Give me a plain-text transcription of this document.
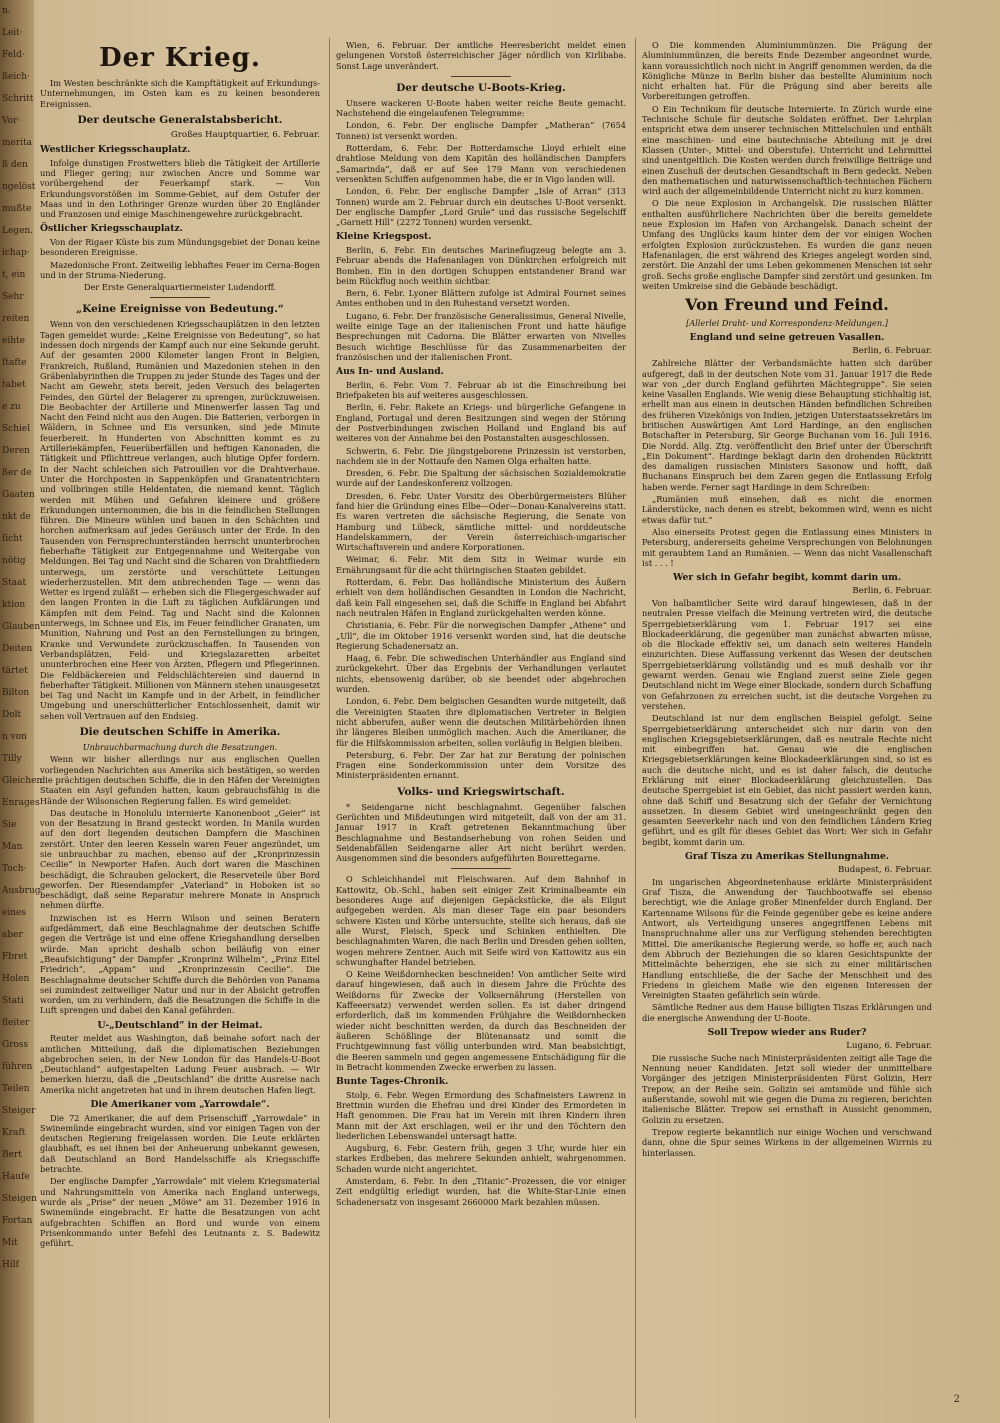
n.
Leit·
Feld·
ßeich·
Schritt
Vor·
merita
ß den
ngelöst
mußte
Legen.
ichap·
t, ein
Sehr
reiten
eihte
ſtafte
tabet
e zu
Schiel
Deren
ßer de
Gaaten
nkt de
ſicht
nötig
Staat
ktion
Glauben
Deiten
tärtet
Bilton
Dolt
n von
Tilly
Gleichen
Enrages
Sie
Man
Toch·
Ausbrug
eines
aber
Fbret
Holen
Stati
fleiter
Gross
führen
Teilen
Steiger
Kraft
Bert
Haufe
Steigen
Fortan
Mit
Hilf
Der Krieg.

Im Westen beschränkte sich die Kampftätigkeit auf Erkundungs-Unternehmungen, im Osten kam es zu keinen besonderen Ereignissen.

Der deutsche Generalstabsbericht.
Großes Hauptquartier, 6. Februar.
Westlicher Kriegsschauplatz.

Infolge dunstigen Frostwetters blieb die Tätigkeit der Artillerie und Flieger gering; nur zwischen Ancre und Somme war vorübergehend der Feuerkampf stark. — Von Erkundungsvorstößen im Somme-Gebiet, auf dem Ostufer der Maas und in den Lothringer Grenze wurden über 20 Engländer und Franzosen und einige Maschinengewehre zurückgebracht.

Östlicher Kriegsschauplatz.

Von der Rigaer Küste bis zum Mündungsgebiet der Donau keine besonderen Ereignisse.

Mazedonische Front. Zeitweilig lebhaftes Feuer im Cerna-Bogen und in der Struma-Niederung.

Der Erste Generalquartiermeister Ludendorff.
„Keine Ereignisse von Bedeutung.“

Wenn von den verschiedenen Kriegsschauplätzen in den letzten Tagen gemeldet wurde: „Keine Ereignisse von Bedeutung“, so hat indessen doch nirgends der Kampf auch nur eine Sekunde geruht. Auf der gesamten 2000 Kilometer langen Front in Belgien, Frankreich, Rußland, Rumänien und Mazedonien stehen in den Gräbenlabyrinthen die Truppen zu jeder Stunde des Tages und der Nacht am Gewehr, stets bereit, jeden Versuch des belagerten Feindes, den Gürtel der Belagerer zu sprengen, zurückzuweisen. Die Beobachter der Artillerie und Minenwerfer lassen Tag und Nacht den Feind nicht aus den Augen. Die Batterien, verborgen in Wäldern, in Schnee und Eis versunken, sind jede Minute feuerbereit. In Hunderten von Abschnitten kommt es zu Artilleriekämpfen, Feuerüberfällen und heftigen Kanonaden, die Tätigkeit und Pflichttreue verlangen, auch blutige Opfer fordern. In der Nacht schleichen sich Patrouillen vor die Drahtverhaue. Unter die Horchposten in Sappenköpfen und Granatentrichtern und vollbringen stille Heldentaten, die niemand kennt. Täglich werden mit Mühen und Gefahren kleinere und größere Erkundungen unternommen, die bis in die feindlichen Stellungen führen. Die Mineure wühlen und bauen in den Schächten und horchen aufmerksam auf jedes Geräusch unter der Erde. In den Tausenden von Fernsprechunterständen herrscht ununterbrochen fieberhafte Tätigkeit zur Entgegennahme und Weitergabe von Meldungen. Bei Tag und Nacht sind die Scharen von Drahtfliedern unterwegs, um zerstörte und verschüttete Leitungen wiederherzustellen. Mit dem anbrechenden Tage — wenn das Wetter es irgend zuläßt — erheben sich die Fliegergeschwader auf den langen Fronten in die Luft zu täglichen Aufklärungen und Kämpfen mit dem Feind. Tag und Nacht sind die Kolonnen unterwegs, im Schnee und Eis, im Feuer feindlicher Granaten, um Munition, Nahrung und Post an den Fernstellungen zu bringen, Kranke und Verwundete zurückzuschaffen. In Tausenden von Verbandsplätzen, Feld- und Kriegslazaretten arbeitet ununterbrochen eine Heer von Ärzten, Pflegern und Pflegerinnen. Die Feldbäckereien und Feldschlächtereien sind dauernd in fieberhafter Tätigkeit. Millionen von Männern stehen unausgesetzt bei Tag und Nacht im Kampfe und in der Arbeit, in feindlicher Umgebung und unerschütterlicher Entschlossenheit, damit wir sehen voll Vertrauen auf den Endsieg.

Die deutschen Schiffe in Amerika.
Unbrauchbarmachung durch die Besatzungen.

Wenn wir bisher allerdings nur aus englischen Quellen vorliegenden Nachrichten aus Amerika sich bestätigen, so werden die prächtigen deutschen Schiffe, die in den Häfen der Vereinigten Staaten ein Asyl gefunden hatten, kaum gebrauchsfähig in die Hände der Wilsonschen Regierung fallen. Es wird gemeldet:

Das deutsche in Honolulu internierte Kanonenboot „Geier“ ist von der Besatzung in Brand gesteckt worden. In Manila wurden auf den dort liegenden deutschen Dampfern die Maschinen zerstört. Unter den leeren Kesseln waren Feuer angezündet, um sie unbrauchbar zu machen, ebenso auf der „Kronprinzessin Cecilie“ in Newporter Hafen. Auch dort waren die Maschinen beschädigt, die Schrauben gelockert, die Reserveteile über Bord geworfen. Der Riesendampfer „Vaterland“ in Hoboken ist so beschädigt, daß seine Reparatur mehrere Monate in Anspruch nehmen dürfte.

Inzwischen ist es Herrn Wilson und seinen Beratern aufgedämmert, daß eine Beschlagnahme der deutschen Schiffe gegen die Verträge ist und eine offene Kriegshandlung derselben würde. Man spricht deshalb schon beiläufig von einer „Beaufsichtigung“ der Dampfer „Kronprinz Wilhelm“, „Prinz Eitel Friedrich“, „Appam“ und „Kronprinzessin Cecilie“. Die Beschlagnahme deutscher Schiffe durch die Behörden von Panama sei zumindest zeitweiliger Natur und nur in der Absicht getroffen worden, um zu verhindern, daß die Besatzungen die Schiffe in die Luft sprengen und dabei den Kanal gefährden.

U-„Deutschland“ in der Heimat.

Reuter meldet aus Washington, daß beinahe sofort nach der amtlichen Mitteilung, daß die diplomatischen Beziehungen abgebrochen seien, in der New London für das Handels-U-Boot „Deutschland“ aufgestapelten Ladung Feuer ausbrach. — Wir bemerken hierzu, daß die „Deutschland“ die dritte Ausreise nach Amerika nicht angetreten hat und in ihrem deutschen Hafen liegt.

Die Amerikaner vom „Yarrowdale“.

Die 72 Amerikaner, die auf dem Prisenschiff „Yarrowdale“ in Swinemünde eingebracht wurden, sind vor einigen Tagen von der deutschen Regierung freigelassen worden. Die Leute erklärten glaubhaft, es sei ihnen bei der Anheuerung unbekannt gewesen, daß Deutschland an Bord Handelsschiffe als Kriegsschiffe betrachte.

Der englische Dampfer „Yarrowdale“ mit vielem Kriegsmaterial und Nahrungsmitteln von Amerika nach England unterwegs, wurde als „Prise“ der neuen „Möwe“ am 31. Dezember 1916 in Swinemünde eingebracht. Er hatte die Besatzungen von acht aufgebrachten Schiffen an Bord und wurde von einem Prisenkommando unter Befehl des Leutnants z. S. Badewitz geführt.

Wien, 6. Februar. Der amtliche Heeresbericht meldet einen gelungenen Vorstoß österreichischer Jäger nördlich von Kirlibaba. Sonst Lage unverändert.

Der deutsche U-Boots-Krieg.

Unsere wackeren U-Boote haben weiter reiche Beute gemacht. Nachstehend die eingelaufenen Telegramme:

London, 6. Febr. Der englische Dampfer „Matheran“ (7654 Tonnen) ist versenkt worden.

Rotterdam, 6. Febr. Der Rotterdamsche Lloyd erhielt eine drahtlose Meldung von dem Kapitän des holländischen Dampfers „Samarinda“, daß er auf See 179 Mann von verschiedenen versenkten Schiffen aufgenommen habe, die er in Vigo landen will.

London, 6. Febr. Der englische Dampfer „Isle of Arran“ (313 Tonnen) wurde am 2. Februar durch ein deutsches U-Boot versenkt. Der englische Dampfer „Lord Grule“ und das russische Segelschiff „Garnett Hill“ (2272 Tonnen) wurden versenkt.

Kleine Kriegspost.

Berlin, 6. Febr. Ein deutsches Marineflugzeug belegte am 3. Februar abends die Hafenanlagen von Dünkirchen erfolgreich mit Bomben. Ein in den dortigen Schuppen entstandener Brand war beim Rückflug noch weithin sichtbar.

Bern, 6. Febr. Lyoner Blättern zufolge ist Admiral Fournet seines Amtes enthoben und in den Ruhestand versetzt worden.

Lugano, 6. Febr. Der französische Generalissimus, General Nivelle, weilte einige Tage an der italienischen Front und hatte häufige Besprechungen mit Cadorna. Die Blätter erwarten von Nivelles Besuch wichtige Beschlüsse für das Zusammenarbeiten der französischen und der italienischen Front.

Aus In- und Ausland.

Berlin, 6. Febr. Vom 7. Februar ab ist die Einschreibung bei Briefpaketen bis auf weiteres ausgeschlossen.

Berlin, 6. Febr. Rakete an Kriegs- und bürgerliche Gefangene in England, Portugal und deren Besitzungen sind wegen der Störung der Postverbindungen zwischen Holland und England bis auf weiteres von der Annahme bei den Postanstalten ausgeschlossen.

Schwerin, 6. Febr. Die jüngstgeborene Prinzessin ist verstorben, nachdem sie in der Nottaufe den Namen Olga erhalten hatte.

Dresden, 6. Febr. Die Spaltung der sächsischen Sozialdemokratie wurde auf der Landeskonferenz vollzogen.

Dresden, 6. Febr. Unter Vorsitz des Oberbürgermeisters Blüher fand hier die Gründung eines Elbe—Oder—Donau-Kanalvereins statt. Es waren vertreten die sächsische Regierung, die Senate von Hamburg und Lübeck, sämtliche mittel- und norddeutsche Handelskammern, der Verein österreichisch-ungarischer Wirtschaftsverein und andere Korporationen.

Weimar, 6. Febr. Mit dem Sitz in Weimar wurde ein Ernährungsamt für die acht thüringischen Staaten gebildet.

Rotterdam, 6. Febr. Das holländische Ministerium des Äußern erhielt von dem holländischen Gesandten in London die Nachricht, daß kein Fall eingesehen sei, daß die Schiffe in England bei Abfahrt nach neutralen Häfen in England zurückgehalten werden könne.

Christiania, 6. Febr. Für die norwegischen Dampfer „Athene“ und „Ull“, die im Oktober 1916 versenkt worden sind, hat die deutsche Regierung Schadenersatz an.

Haag, 6. Febr. Die schwedischen Unterhändler aus England sind zurückgekehrt. Über das Ergebnis der Verhandlungen verlautet nichts, ebensowenig darüber, ob sie beendet oder abgebrochen wurden.

London, 6. Febr. Dem belgischen Gesandten wurde mitgeteilt, daß die Vereinigten Staaten ihre diplomatischen Vertreter in Belgien nicht abberufen, außer wenn die deutschen Militärbehörden ihnen ihr längeres Bleiben unmöglich machen. Auch die Amerikaner, die für die Hilfskommission arbeiten, sollen vorläufig in Belgien bleiben.

Petersburg, 6. Febr. Der Zar hat zur Beratung der polnischen Fragen eine Sonderkommission unter dem Vorsitze des Ministerpräsidenten ernannt.

Volks- und Kriegswirtschaft.

* Seidengarne nicht beschlagnahmt. Gegenüber falschen Gerüchten und Mißdeutungen wird mitgeteilt, daß von der am 31. Januar 1917 in Kraft getretenen Bekanntmachung über Beschlagnahme und Bestandserhebung von rohen Seiden und Seidenabfällen Seidengarne aller Art nicht berührt werden. Ausgenommen sind die besonders aufgeführten Bourettegarne.

O Schleichhandel mit Fleischwaren. Auf dem Bahnhof in Kattowitz, Ob.-Schl., haben seit einiger Zeit Kriminalbeamte ein besonderes Auge auf diejenigen Gepäckstücke, die als Eilgut aufgegeben werden. Als man dieser Tage ein paar besonders schwere Kisten und Körbe untersuchte, stellte sich heraus, daß sie alle Wurst, Fleisch, Speck und Schinken enthielten. Die beschlagnahmten Waren, die nach Berlin und Dresden gehen sollten, wogen mehrere Zentner. Auch mit Seife wird von Kattowitz aus ein schwunghafter Handel betrieben.

O Keine Weißdornhecken beschneiden! Von amtlicher Seite wird darauf hingewiesen, daß auch in diesem Jahre die Früchte des Weißdorns für Zwecke der Volksernährung (Herstellen von Kaffeeersatz) verwendet werden sollen. Es ist daher dringend erforderlich, daß im kommenden Frühjahre die Weißdornhecken wieder nicht beschnitten werden, da durch das Beschneiden der äußeren Schößlinge der Blütenansatz und somit die Fruchtgewinnung fast völlig unterbunden wird. Man beabsichtigt, die Beeren sammeln und gegen angemessene Entschädigung für die in Betracht kommenden Zwecke erwerben zu lassen.

Bunte Tages-Chronik.

Stolp, 6. Febr. Wegen Ermordung des Schafmeisters Lawrenz in Brettmin wurden die Ehefrau und drei Kinder des Ermordeten in Haft genommen. Die Frau hat im Verein mit ihren Kindern ihren Mann mit der Axt erschlagen, weil er ihr und den Töchtern den liederlichen Lebenswandel untersagt hatte.

Augsburg, 6. Febr. Gestern früh, gegen 3 Uhr, wurde hier ein starkes Erdbeben, das mehrere Sekunden anhielt, wahrgenommen. Schaden wurde nicht angerichtet.

Amsterdam, 6. Febr. In den „Titanic“-Prozessen, die vor einiger Zeit endgültig erledigt wurden, hat die White-Star-Linie einen Schadenersatz von insgesamt 2660000 Mark bezahlen müssen.

O Die kommenden Aluminiummünzen. Die Prägung der Aluminiummünzen, die bereits Ende Dezember angeordnet wurde, kann voraussichtlich noch nicht in Angriff genommen werden, da die Königliche Münze in Berlin bisher das bestellte Aluminium noch nicht erhalten hat. Für die Prägung sind aber bereits alle Vorbereitungen getroffen.

O Ein Technikum für deutsche Internierte. In Zürich wurde eine Technische Schule für deutsche Soldaten eröffnet. Der Lehrplan entspricht etwa dem unserer technischen Mittelschulen und enthält eine maschinen- und eine bautechnische Abteilung mit je drei Klassen (Unter-, Mittel- und Oberstufe). Unterricht und Lehrmittel sind unentgeltlich. Die Kosten werden durch freiwillige Beiträge und einen Zuschuß der deutschen Gesandtschaft in Bern gedeckt. Neben den mathematischen und naturwissenschaftlich-technischen Fächern wird auch der allgemeinbildende Unterricht nicht zu kurz kommen.

O Die neue Explosion in Archangelsk. Die russischen Blätter enthalten ausführlichere Nachrichten über die bereits gemeldete neue Explosion im Hafen von Archangelsk. Danach scheint der Umfang des Unglücks kaum hinter dem der vor einigen Wochen erfolgten Explosion zurückzustehen. Es wurden die ganz neuen Hafenanlagen, die erst während des Krieges angelegt worden sind, zerstört. Die Anzahl der ums Leben gekommenen Menschen ist sehr groß. Sechs große englische Dampfer sind zerstört und gesunken. Im weiten Umkreise sind die Gebäude beschädigt.

Von Freund und Feind.
[Allerlei Draht- und Korrespondenz-Meldungen.]
England und seine getreuen Vasallen.
Berlin, 6. Februar.

Zahlreiche Blätter der Verbandsmächte hatten sich darüber aufgeregt, daß in der deutschen Note vom 31. Januar 1917 die Rede war von „der durch England geführten Mächtegruppe“. Sie seien keine Vasallen Englands. Wie wenig diese Behauptung stichhaltig ist, erhellt man aus einem in deutschen Händen befindlichen Schreiben des früheren Vizekönigs von Indien, jetzigen Unterstaatssekretärs im britischen Auswärtigen Amt Lord Hardinge, an den englischen Botschafter in Petersburg, Sir George Buchanan vom 16. Juli 1916. Die Nordd. Allg. Ztg. veröffentlicht den Brief unter der Überschrift „Ein Dokument“. Hardinge beklagt darin den drohenden Rücktritt des damaligen russischen Ministers Sasonow und hofft, daß Buchanans Einspruch bei dem Zaren gegen die Entlassung Erfolg haben werde. Ferner sagt Hardinge in dem Schreiben:

„Rumänien muß einsehen, daß es nicht die enormen Länderstücke, nach denen es strebt, bekommen wird, wenn es nicht etwas dafür tut.“

Also einerseits Protest gegen die Entlassung eines Ministers in Petersburg, andererseits geheime Versprechungen von Belohnungen mit geraubtem Land an Rumänien. — Wenn das nicht Vasallenschaft ist . . . !

Wer sich in Gefahr begibt, kommt darin um.
Berlin, 6. Februar.

Von halbamtlicher Seite wird darauf hingewiesen, daß in der neutralen Presse vielfach die Meinung vertreten wird, die deutsche Sperrgebietserklärung vom 1. Februar 1917 sei eine Blockadeerklärung, die gegenüber man zunächst abwarten müsse, ob die Blockade effektiv sei, um danach sein weiteres Handeln einzurichten. Diese Auffassung verkennt das Wesen der deutschen Sperrgebietserklärung vollständig und es muß deshalb vor ihr gewarnt werden. Genau wie England zuerst seine Ziele gegen Deutschland nicht im Wege einer Blockade, sondern durch Schaffung von Gefahrzonen zu erreichen sucht, ist die deutsche Vorgehen zu verstehen.

Deutschland ist nur dem englischen Beispiel gefolgt. Seine Sperrgebietserklärung unterscheidet sich nur darin von den englischen Kriegsgebietserklärungen, daß es neutrale Rechte nicht mit einbegriffen hat. Genau wie die englischen Kriegsgebietserklärungen keine Blockadeerklärungen sind, so ist es auch die deutsche nicht, und es ist daher falsch, die deutsche Erklärung mit einer Blockadeerklärung gleichzustellen. Das deutsche Sperrgebiet ist ein Gebiet, das nicht passiert werden kann, ohne daß Schiff und Besatzung sich der Gefahr der Vernichtung aussetzen. In diesem Gebiet wird uneingeschränkt gegen den gesamten Seeverkehr nach und von den feindlichen Ländern Krieg geführt, und es gilt für dieses Gebiet das Wort: Wer sich in Gefahr begibt, kommt darin um.

Graf Tisza zu Amerikas Stellungnahme.
Budapest, 6. Februar.

Im ungarischen Abgeordnetenhause erklärte Ministerpräsident Graf Tisza, die Anwendung der Tauchbootwaffe sei ebenso berechtigt, wie die Anlage großer Minenfelder durch England. Der Kartenname Wilsons für die Feinde gegenüber gebe es keine andere Antwort, als Verteidigung unseres angegriffenen Lebens mit Inanspruchnahme aller uns zur Verfügung stehenden berechtigten Mittel. Die amerikanische Regierung werde, so hoffe er, auch nach dem Abbruch der Beziehungen die so klaren Gesichtspunkte der Mittelmächte beherzigen, ehe sie sich zu einer militärischen Handlung entschließe, die der Sache der Menschheit und des Friedens in gleichem Maße wie den eigenen Interessen der Vereinigten Staaten gefährlich sein würde.

Sämtliche Redner aus dem Hause billigten Tiszas Erklärungen und die energische Anwendung der U-Boote.

Soll Trepow wieder ans Ruder?
Lugano, 6. Februar.

Die russische Suche nach Ministerpräsidenten zeitigt alle Tage die Nennung neuer Kandidaten. Jetzt soll wieder der unmittelbare Vorgänger des jetzigen Ministerpräsidenten Fürst Golizin, Herr Trepow, an der Reihe sein. Golizin sei amtsmüde und fühle sich außerstande, sowohl mit wie gegen die Duma zu regieren, berichten italienische Blätter. Trepow sei ernsthaft in Aussicht genommen, Golizin zu ersetzen.

Trepow regierte bekanntlich nur einige Wochen und verschwand dann, ohne die Spur seines Wirkens in der allgemeinen Wirrnis zu hinterlassen.

2
